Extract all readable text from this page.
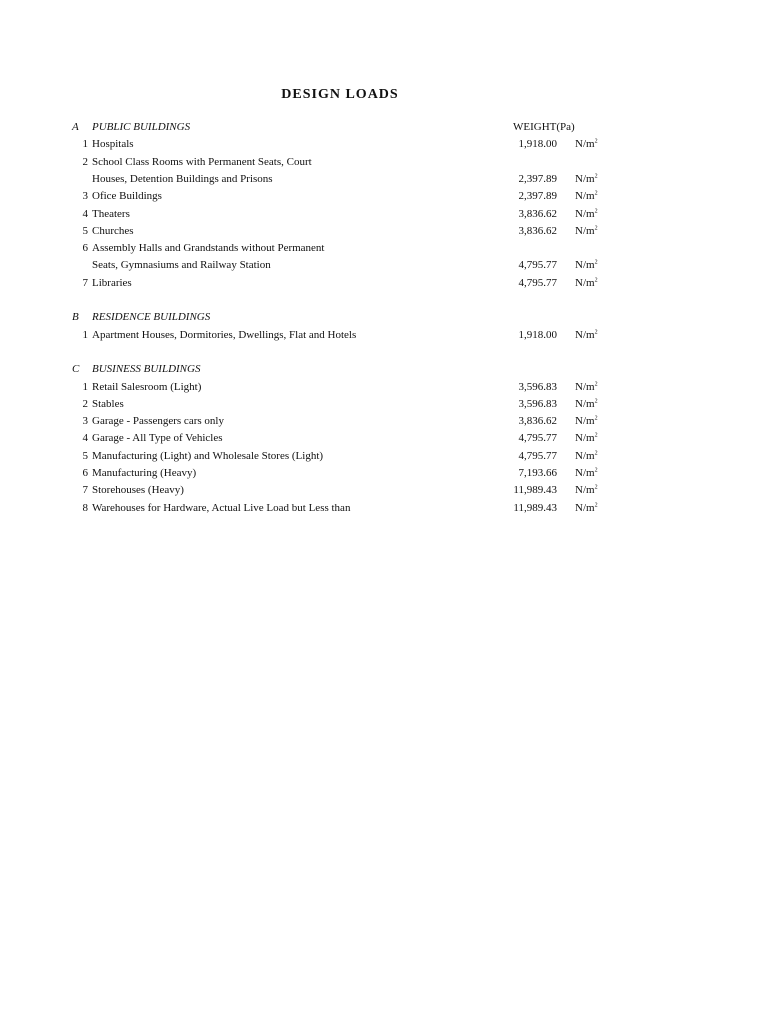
DESIGN LOADS
A PUBLIC BUILDINGS	WEIGHT(Pa)
1 Hospitals	1,918.00 $N/m^2$
2 School Class Rooms with Permanent Seats, Court
Houses, Detention Buildings and Prisons	2,397.89 $N/m^2$
3 Ofice Buildings	2,397.89 $N/m^2$
4 Theaters	3,836.62 $N/m^2$
5 Churches	3,836.62 $N/m^2$
6 Assembly Halls and Grandstands without Permanent
Seats, Gymnasiums and Railway Station	4,795.77 $N/m^2$
7 Libraries	4,795.77 $N/m^2$
B RESIDENCE BUILDINGS
1 Apartment Houses, Dormitories, Dwellings, Flat and Hotels	1,918.00 $N/m^2$
C BUSINESS BUILDINGS
1 Retail Salesroom (Light)	3,596.83 $N/m^2$
2 Stables	3,596.83 $N/m^2$
3 Garage - Passengers cars only	3,836.62 $N/m^2$
4 Garage - All Type of Vehicles	4,795.77 $N/m^2$
5 Manufacturing (Light) and Wholesale Stores (Light)	4,795.77 $N/m^2$
6 Manufacturing (Heavy)	7,193.66 $N/m^2$
7 Storehouses (Heavy)	11,989.43 $N/m^2$
8 Warehouses for Hardware, Actual Live Load but Less than	11,989.43 $N/m^2$
